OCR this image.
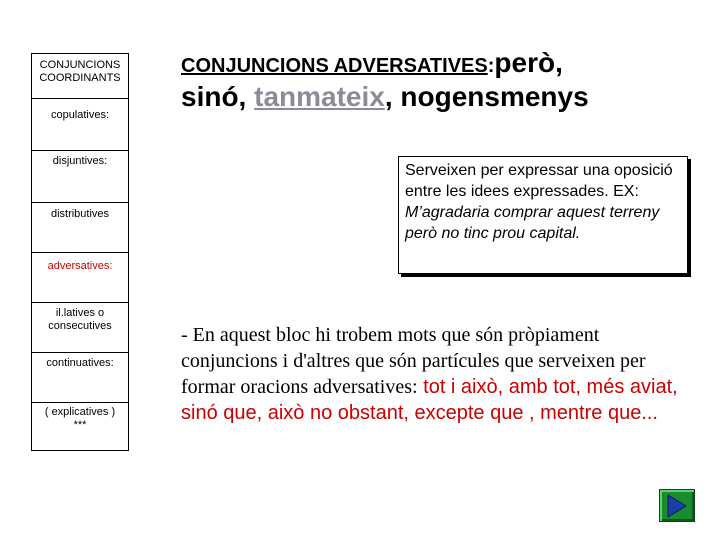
CONJUNCIONS
COORDINANTS
copulatives:
disjuntives:
distributives
adversatives:
il.latives o
consecutives
continuatives:
( explicatives )
***
CONJUNCIONS ADVERSATIVES:però,
sinó, tanmateix, nogensmenys
Serveixen per expressar una oposició entre les idees expressades. EX: M’agradaria comprar aquest terreny però no tinc prou capital.
- En aquest bloc hi trobem mots que són pròpiament conjuncions i d'altres que són partícules que serveixen per formar oracions adversatives: tot i això, amb tot, més aviat, sinó que, això no obstant, excepte que , mentre que...
